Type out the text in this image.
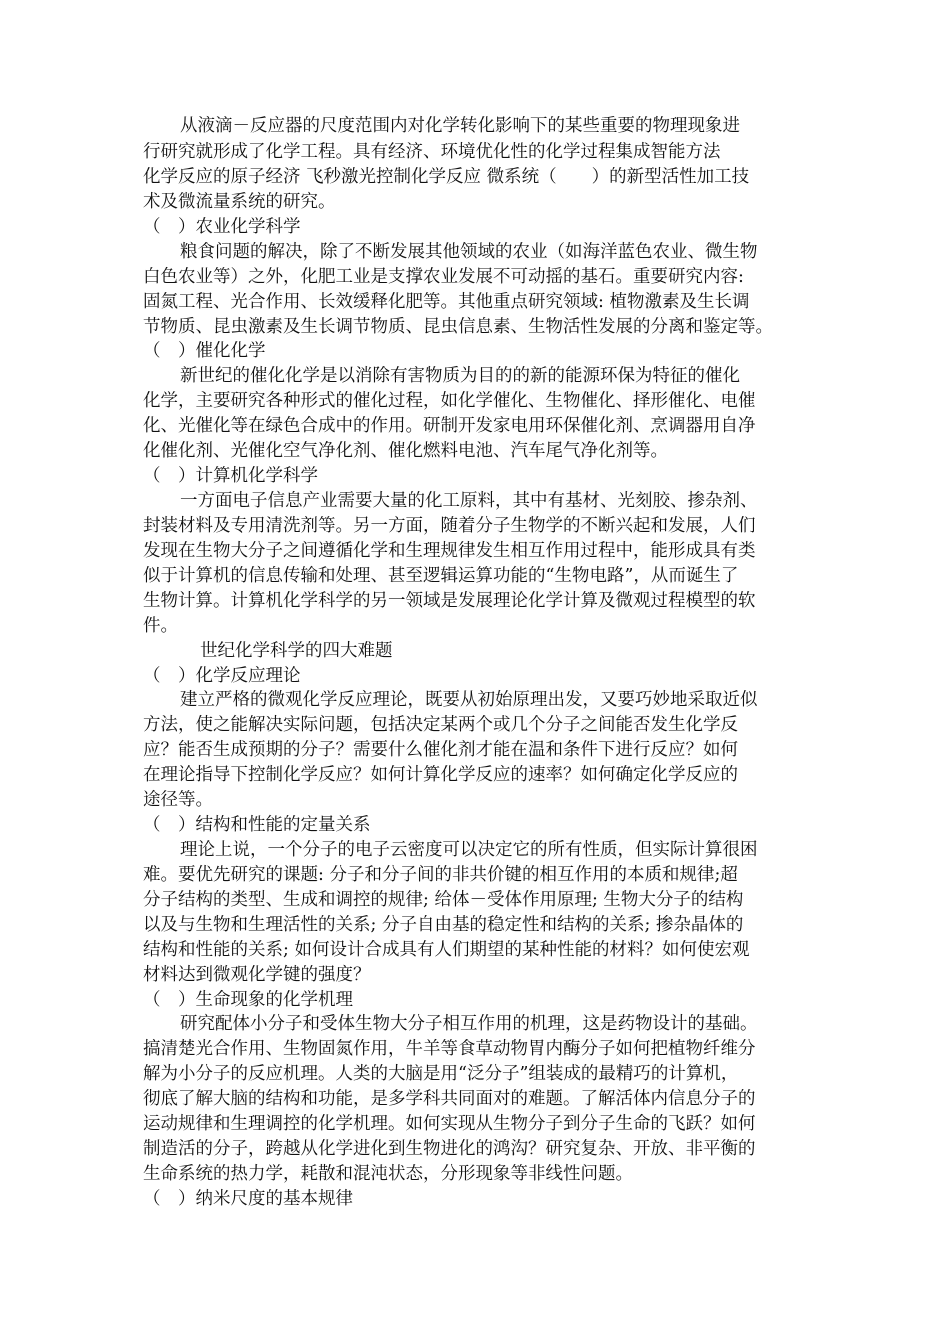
从液滴－反应器的尺度范围内对化学转化影响下的某些重要的物理现象进
行研究就形成了化学工程。具有经济、环境优化性的化学过程集成智能方法
化学反应的原子经济 飞秒激光控制化学反应 微系统（　　）的新型活性加工技
术及微流量系统的研究。
（　）农业化学科学
粮食问题的解决，除了不断发展其他领域的农业（如海洋蓝色农业、微生物
白色农业等）之外，化肥工业是支撑农业发展不可动摇的基石。重要研究内容:
固氮工程、光合作用、长效缓释化肥等。其他重点研究领域: 植物激素及生长调
节物质、昆虫激素及生长调节物质、昆虫信息素、生物活性发展的分离和鉴定等。
（　）催化化学
新世纪的催化化学是以消除有害物质为目的的新的能源环保为特征的催化
化学，主要研究各种形式的催化过程，如化学催化、生物催化、择形催化、电催
化、光催化等在绿色合成中的作用。研制开发家电用环保催化剂、烹调器用自净
化催化剂、光催化空气净化剂、催化燃料电池、汽车尾气净化剂等。
（　）计算机化学科学
一方面电子信息产业需要大量的化工原料，其中有基材、光刻胶、掺杂剂、
封装材料及专用清洗剂等。另一方面，随着分子生物学的不断兴起和发展，人们
发现在生物大分子之间遵循化学和生理规律发生相互作用过程中，能形成具有类
似于计算机的信息传输和处理、甚至逻辑运算功能的“生物电路”，从而诞生了
生物计算。计算机化学科学的另一领域是发展理论化学计算及微观过程模型的软
件。
世纪化学科学的四大难题
（　）化学反应理论
建立严格的微观化学反应理论，既要从初始原理出发，又要巧妙地采取近似
方法，使之能解决实际问题，包括决定某两个或几个分子之间能否发生化学反
应？能否生成预期的分子？需要什么催化剂才能在温和条件下进行反应？如何
在理论指导下控制化学反应？如何计算化学反应的速率？如何确定化学反应的
途径等。
（　）结构和性能的定量关系
理论上说，一个分子的电子云密度可以决定它的所有性质，但实际计算很困
难。要优先研究的课题: 分子和分子间的非共价键的相互作用的本质和规律;超
分子结构的类型、生成和调控的规律; 给体－受体作用原理; 生物大分子的结构
以及与生物和生理活性的关系; 分子自由基的稳定性和结构的关系; 掺杂晶体的
结构和性能的关系; 如何设计合成具有人们期望的某种性能的材料？如何使宏观
材料达到微观化学键的强度？
（　）生命现象的化学机理
研究配体小分子和受体生物大分子相互作用的机理，这是药物设计的基础。
搞清楚光合作用、生物固氮作用，牛羊等食草动物胃内酶分子如何把植物纤维分
解为小分子的反应机理。人类的大脑是用“泛分子”组装成的最精巧的计算机，
彻底了解大脑的结构和功能，是多学科共同面对的难题。了解活体内信息分子的
运动规律和生理调控的化学机理。如何实现从生物分子到分子生命的飞跃？如何
制造活的分子，跨越从化学进化到生物进化的鸿沟？研究复杂、开放、非平衡的
生命系统的热力学，耗散和混沌状态，分形现象等非线性问题。
（　）纳米尺度的基本规律
